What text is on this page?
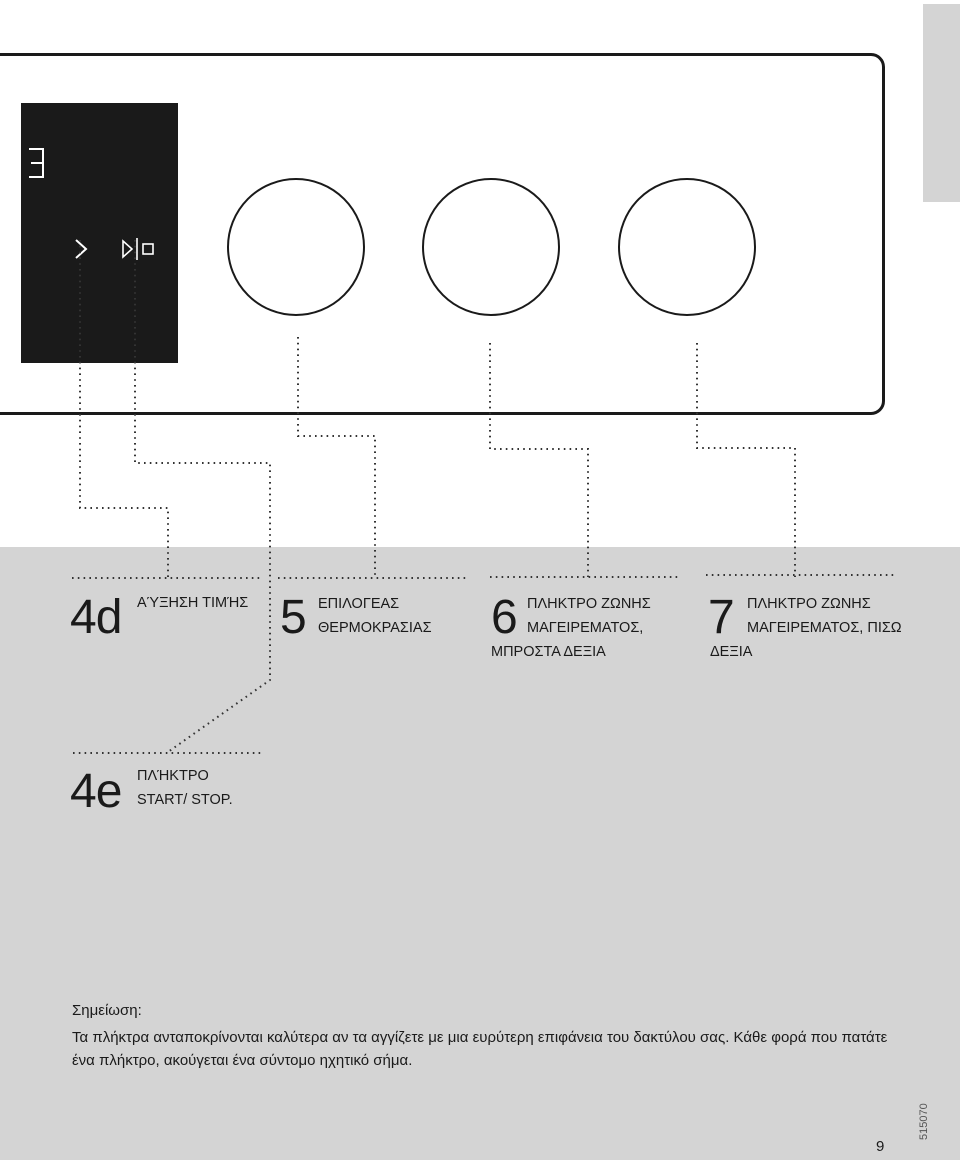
4d ΑΎΞΗΣΗ ΤΙΜΉΣ 5 ΕΠΙΛΟΓΕΑΣ
ΘΕΡΜΟΚΡΑΣΙΑΣ 6 ΠΛΗΚΤΡΟ ΖΩΝΗΣ
ΜΑΓΕΙΡΕΜΑΤΟΣ,
ΜΠΡΟΣΤΑ ΔΕΞΙΑ
7 ΠΛΗΚΤΡΟ ΖΩΝΗΣ
ΜΑΓΕΙΡΕΜΑΤΟΣ, ΠΙΣΩ
ΔΕΞΙΑ
4e ΠΛΉΚΤΡΟ
START/ STOP.
Σημείωση:
Τα πλήκτρα ανταποκρίνονται καλύτερα αν τα αγγίζετε με μια ευρύτερη επιφάνεια του δακτύλου σας. Κάθε φορά που πατάτε ένα πλήκτρο, ακούγεται ένα σύντομο ηχητικό σήμα.
9
515070
